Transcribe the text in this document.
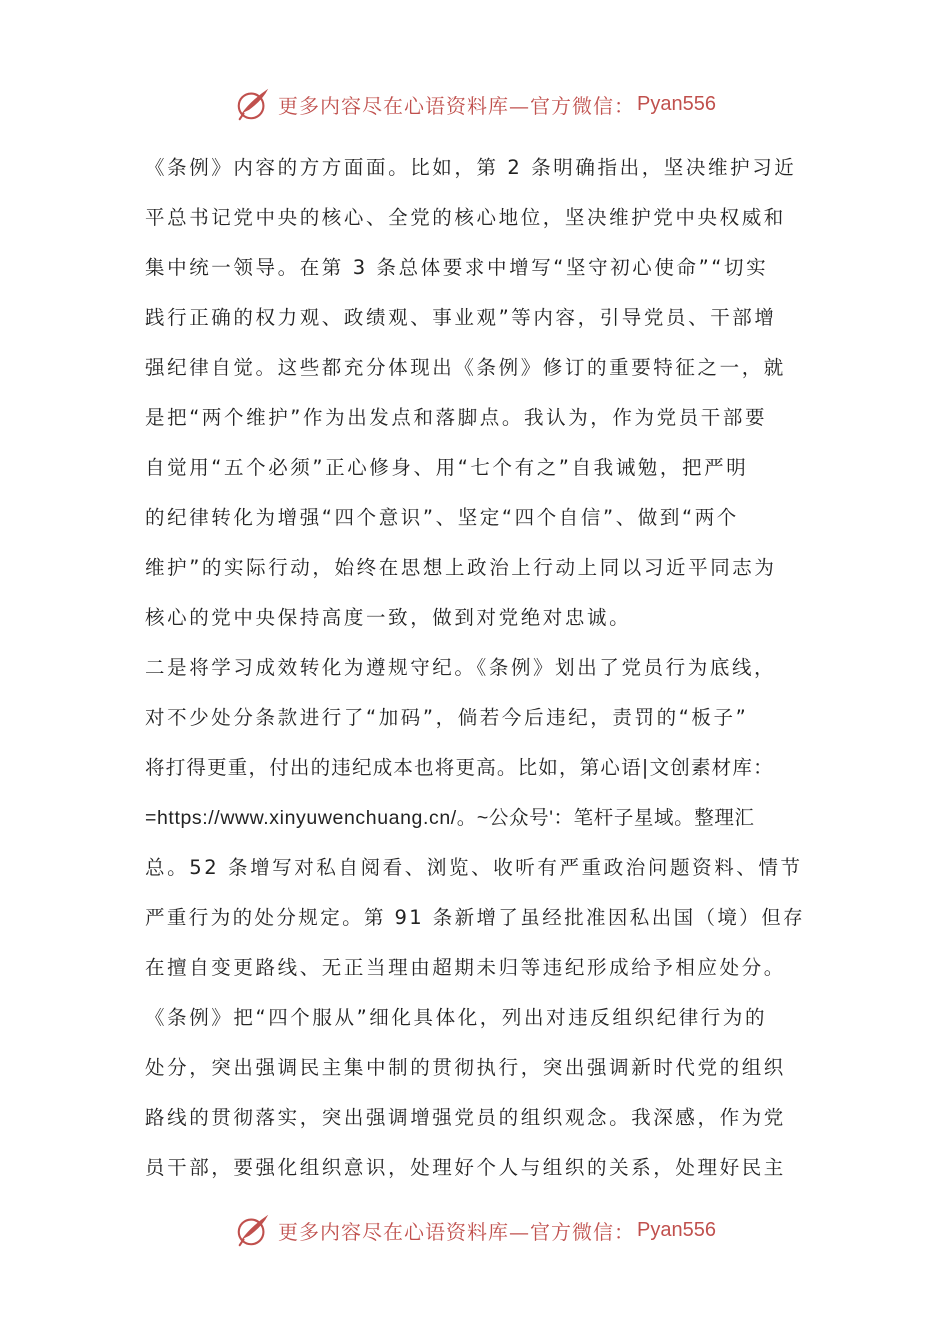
更多内容尽在心语资料库—官方微信： Pyan556
《条例》内容的方方面面。比如，第 2 条明确指出，坚决维护习近
平总书记党中央的核心、全党的核心地位，坚决维护党中央权威和
集中统一领导。在第 3 条总体要求中增写“坚守初心使命”“切实
践行正确的权力观、政绩观、事业观”等内容，引导党员、干部增
强纪律自觉。这些都充分体现出《条例》修订的重要特征之一，就
是把“两个维护”作为出发点和落脚点。我认为，作为党员干部要
自觉用“五个必须”正心修身、用“七个有之”自我诫勉，把严明
的纪律转化为增强“四个意识”、坚定“四个自信”、做到“两个
维护”的实际行动，始终在思想上政治上行动上同以习近平同志为
核心的党中央保持高度一致，做到对党绝对忠诚。
二是将学习成效转化为遵规守纪。《条例》划出了党员行为底线，
对不少处分条款进行了“加码”，倘若今后违纪，责罚的“板子”
将打得更重，付出的违纪成本也将更高。比如，第心语|文创素材库：
=https://www.xinyuwenchuang.cn/。~公众号'：笔杆子星域。整理汇
总。52 条增写对私自阅看、浏览、收听有严重政治问题资料、情节
严重行为的处分规定。第 91 条新增了虽经批准因私出国（境）但存
在擅自变更路线、无正当理由超期未归等违纪形成给予相应处分。
《条例》把“四个服从”细化具体化，列出对违反组织纪律行为的
处分，突出强调民主集中制的贯彻执行，突出强调新时代党的组织
路线的贯彻落实，突出强调增强党员的组织观念。我深感，作为党
员干部，要强化组织意识，处理好个人与组织的关系，处理好民主
更多内容尽在心语资料库—官方微信： Pyan556
